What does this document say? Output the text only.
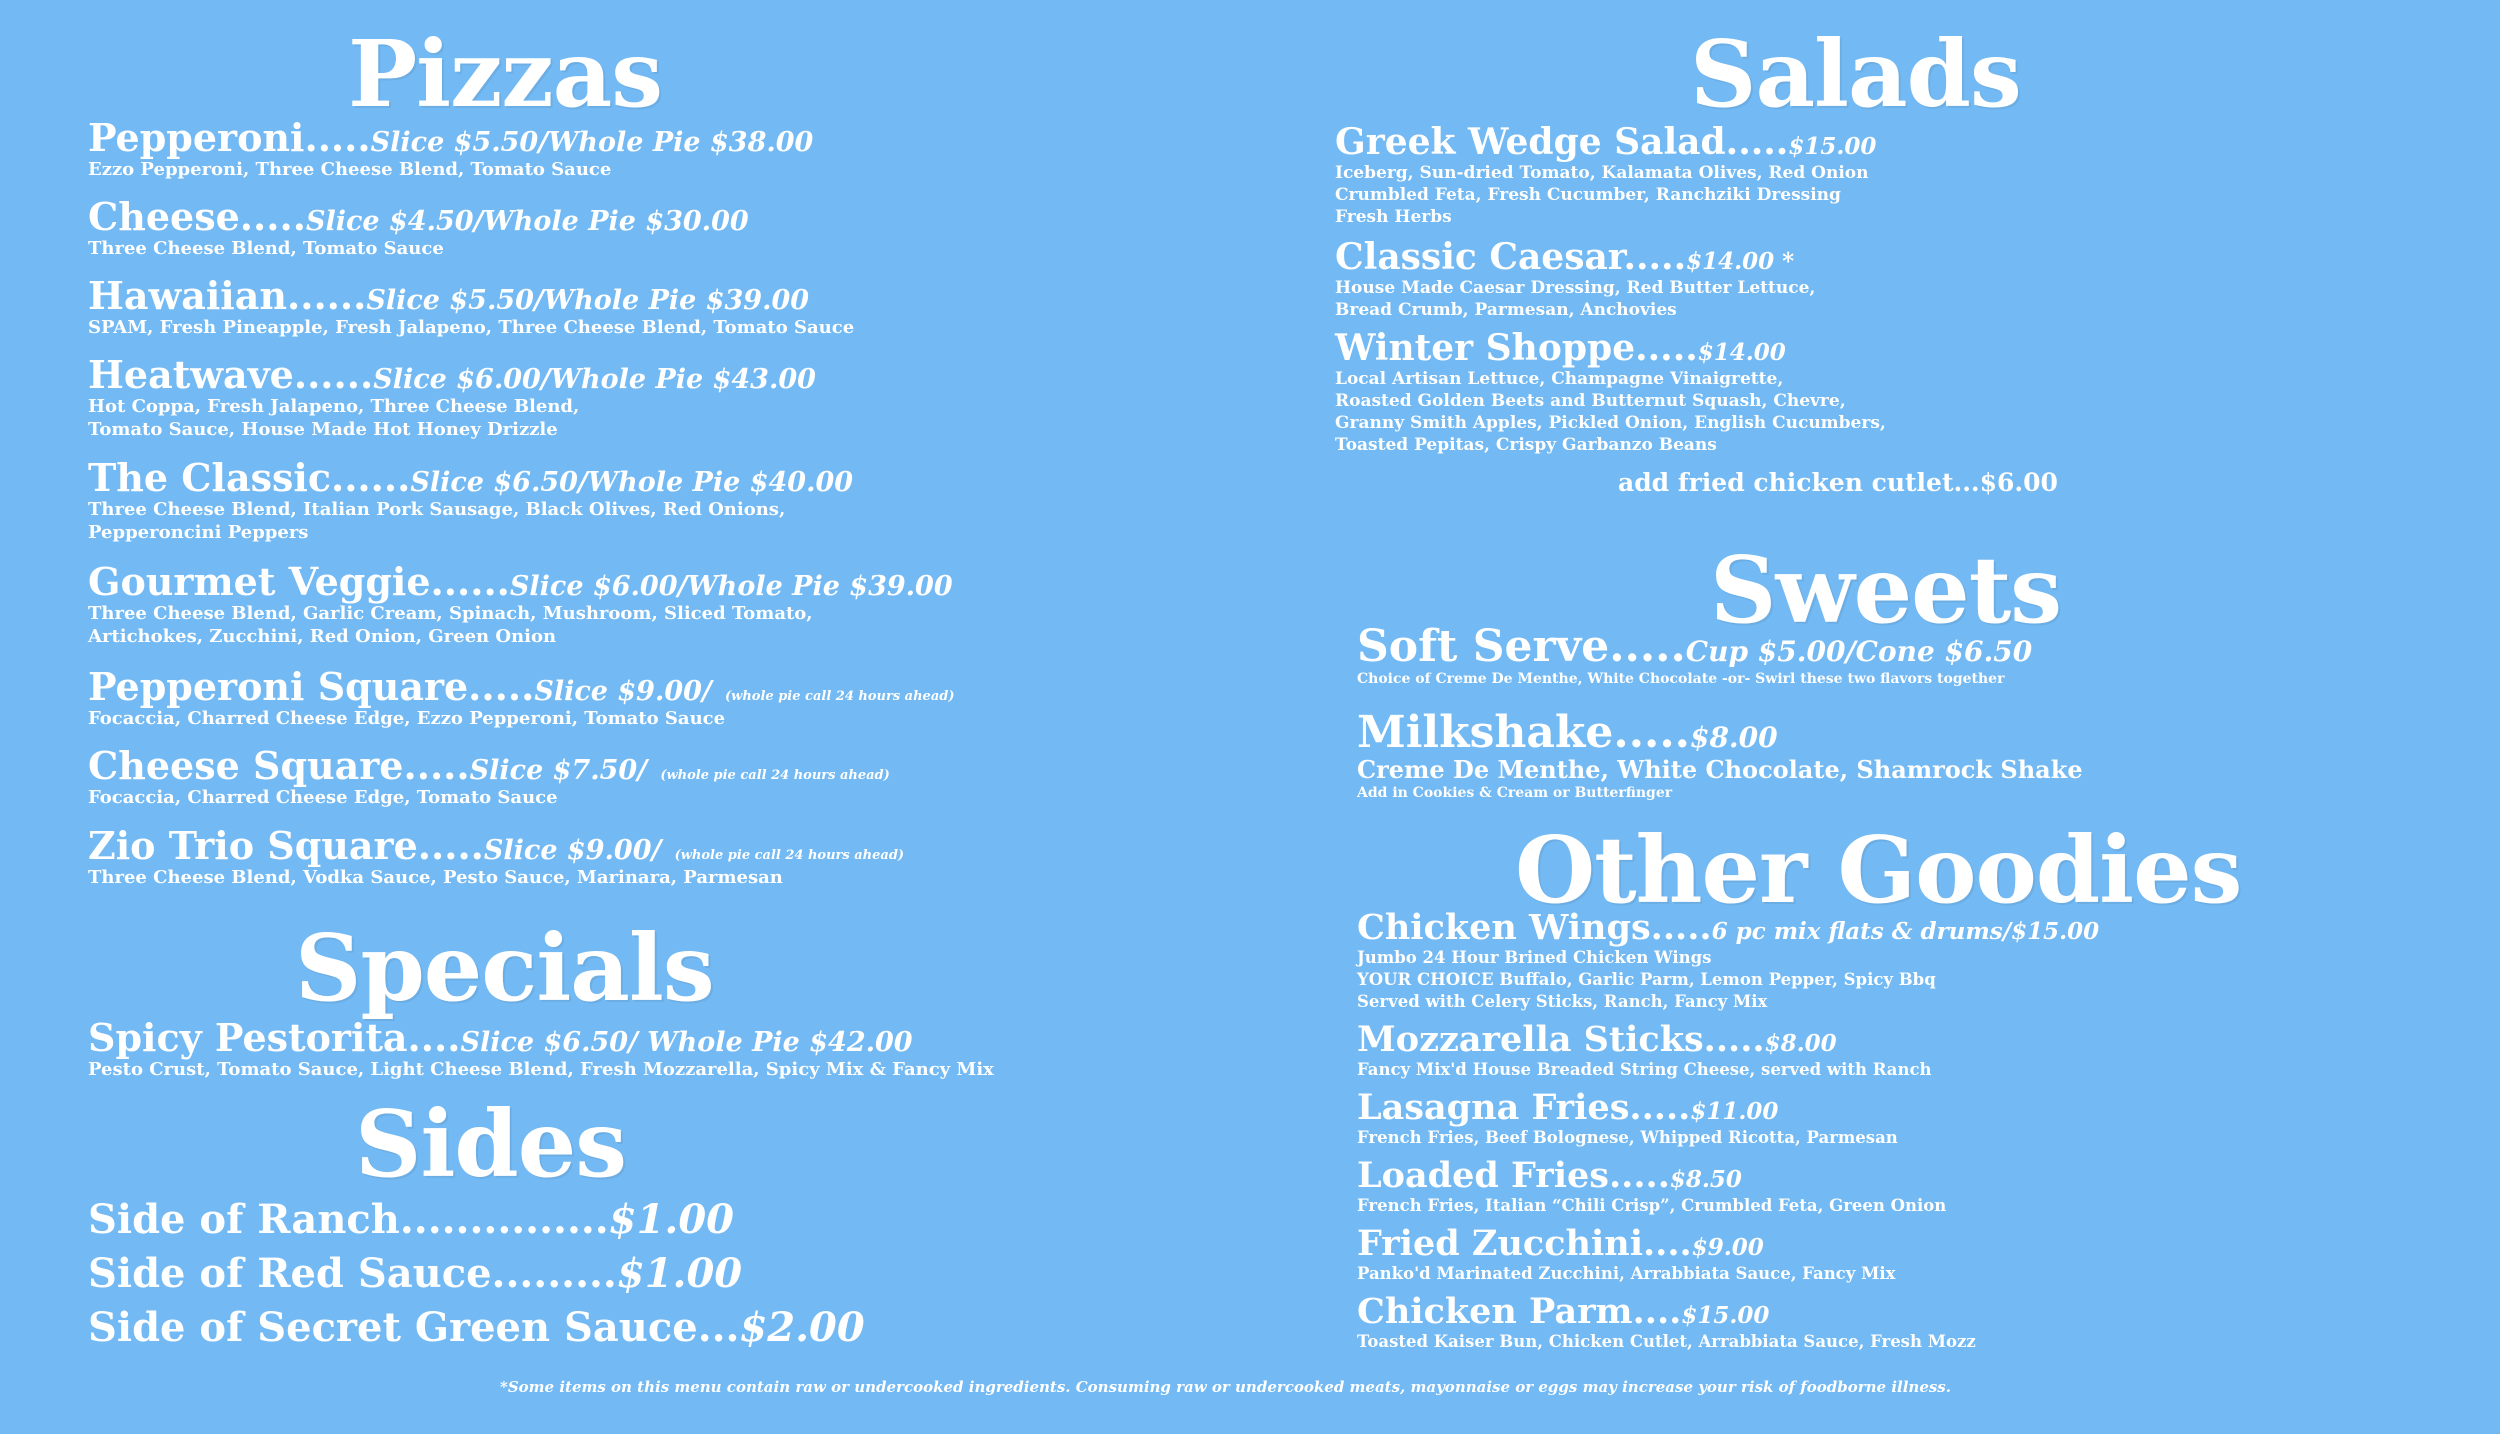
Pizzas
Pepperoni.....Slice $5.50/Whole Pie $38.00
Ezzo Pepperoni, Three Cheese Blend, Tomato Sauce
Cheese.....Slice $4.50/Whole Pie $30.00
Three Cheese Blend, Tomato Sauce
Hawaiian......Slice $5.50/Whole Pie $39.00
SPAM, Fresh Pineapple, Fresh Jalapeno, Three Cheese Blend, Tomato Sauce
Heatwave......Slice $6.00/Whole Pie $43.00
Hot Coppa, Fresh Jalapeno, Three Cheese Blend,
Tomato Sauce, House Made Hot Honey Drizzle
The Classic......Slice $6.50/Whole Pie $40.00
Three Cheese Blend, Italian Pork Sausage, Black Olives, Red Onions,
Pepperoncini Peppers
Gourmet Veggie......Slice $6.00/Whole Pie $39.00
Three Cheese Blend, Garlic Cream, Spinach, Mushroom, Sliced Tomato,
Artichokes, Zucchini, Red Onion, Green Onion
Pepperoni Square.....Slice $9.00/ (whole pie call 24 hours ahead)
Focaccia, Charred Cheese Edge, Ezzo Pepperoni, Tomato Sauce
Cheese Square.....Slice $7.50/ (whole pie call 24 hours ahead)
Focaccia, Charred Cheese Edge, Tomato Sauce
Zio Trio Square.....Slice $9.00/ (whole pie call 24 hours ahead)
Three Cheese Blend, Vodka Sauce, Pesto Sauce, Marinara, Parmesan
Specials
Spicy Pestorita....Slice $6.50/ Whole Pie $42.00
Pesto Crust, Tomato Sauce, Light Cheese Blend, Fresh Mozzarella, Spicy Mix & Fancy Mix
Sides
Side of Ranch...............$1.00
Side of Red Sauce.........$1.00
Side of Secret Green Sauce...$2.00
Salads
Greek Wedge Salad.....$15.00
Iceberg, Sun-dried Tomato, Kalamata Olives, Red Onion
Crumbled Feta, Fresh Cucumber, Ranchziki Dressing
Fresh Herbs
Classic Caesar.....$14.00 *
House Made Caesar Dressing, Red Butter Lettuce,
Bread Crumb, Parmesan, Anchovies
Winter Shoppe.....$14.00
Local Artisan Lettuce, Champagne Vinaigrette,
Roasted Golden Beets and Butternut Squash, Chevre,
Granny Smith Apples, Pickled Onion, English Cucumbers,
Toasted Pepitas, Crispy Garbanzo Beans
add fried chicken cutlet...$6.00
Sweets
Soft Serve.....Cup $5.00/Cone $6.50
Choice of Creme De Menthe, White Chocolate -or- Swirl these two flavors together
Milkshake.....$8.00
Creme De Menthe, White Chocolate, Shamrock Shake
Add in Cookies & Cream or Butterfinger
Other Goodies
Chicken Wings.....6 pc mix flats & drums/$15.00
Jumbo 24 Hour Brined Chicken Wings
YOUR CHOICE Buffalo, Garlic Parm, Lemon Pepper, Spicy Bbq
Served with Celery Sticks, Ranch, Fancy Mix
Mozzarella Sticks.....$8.00
Fancy Mix'd House Breaded String Cheese, served with Ranch
Lasagna Fries.....$11.00
French Fries, Beef Bolognese, Whipped Ricotta, Parmesan
Loaded Fries.....$8.50
French Fries, Italian “Chili Crisp”, Crumbled Feta, Green Onion
Fried Zucchini....$9.00
Panko'd Marinated Zucchini, Arrabbiata Sauce, Fancy Mix
Chicken Parm....$15.00
Toasted Kaiser Bun, Chicken Cutlet, Arrabbiata Sauce, Fresh Mozz
*Some items on this menu contain raw or undercooked ingredients. Consuming raw or undercooked meats, mayonnaise or eggs may increase your risk of foodborne illness.
